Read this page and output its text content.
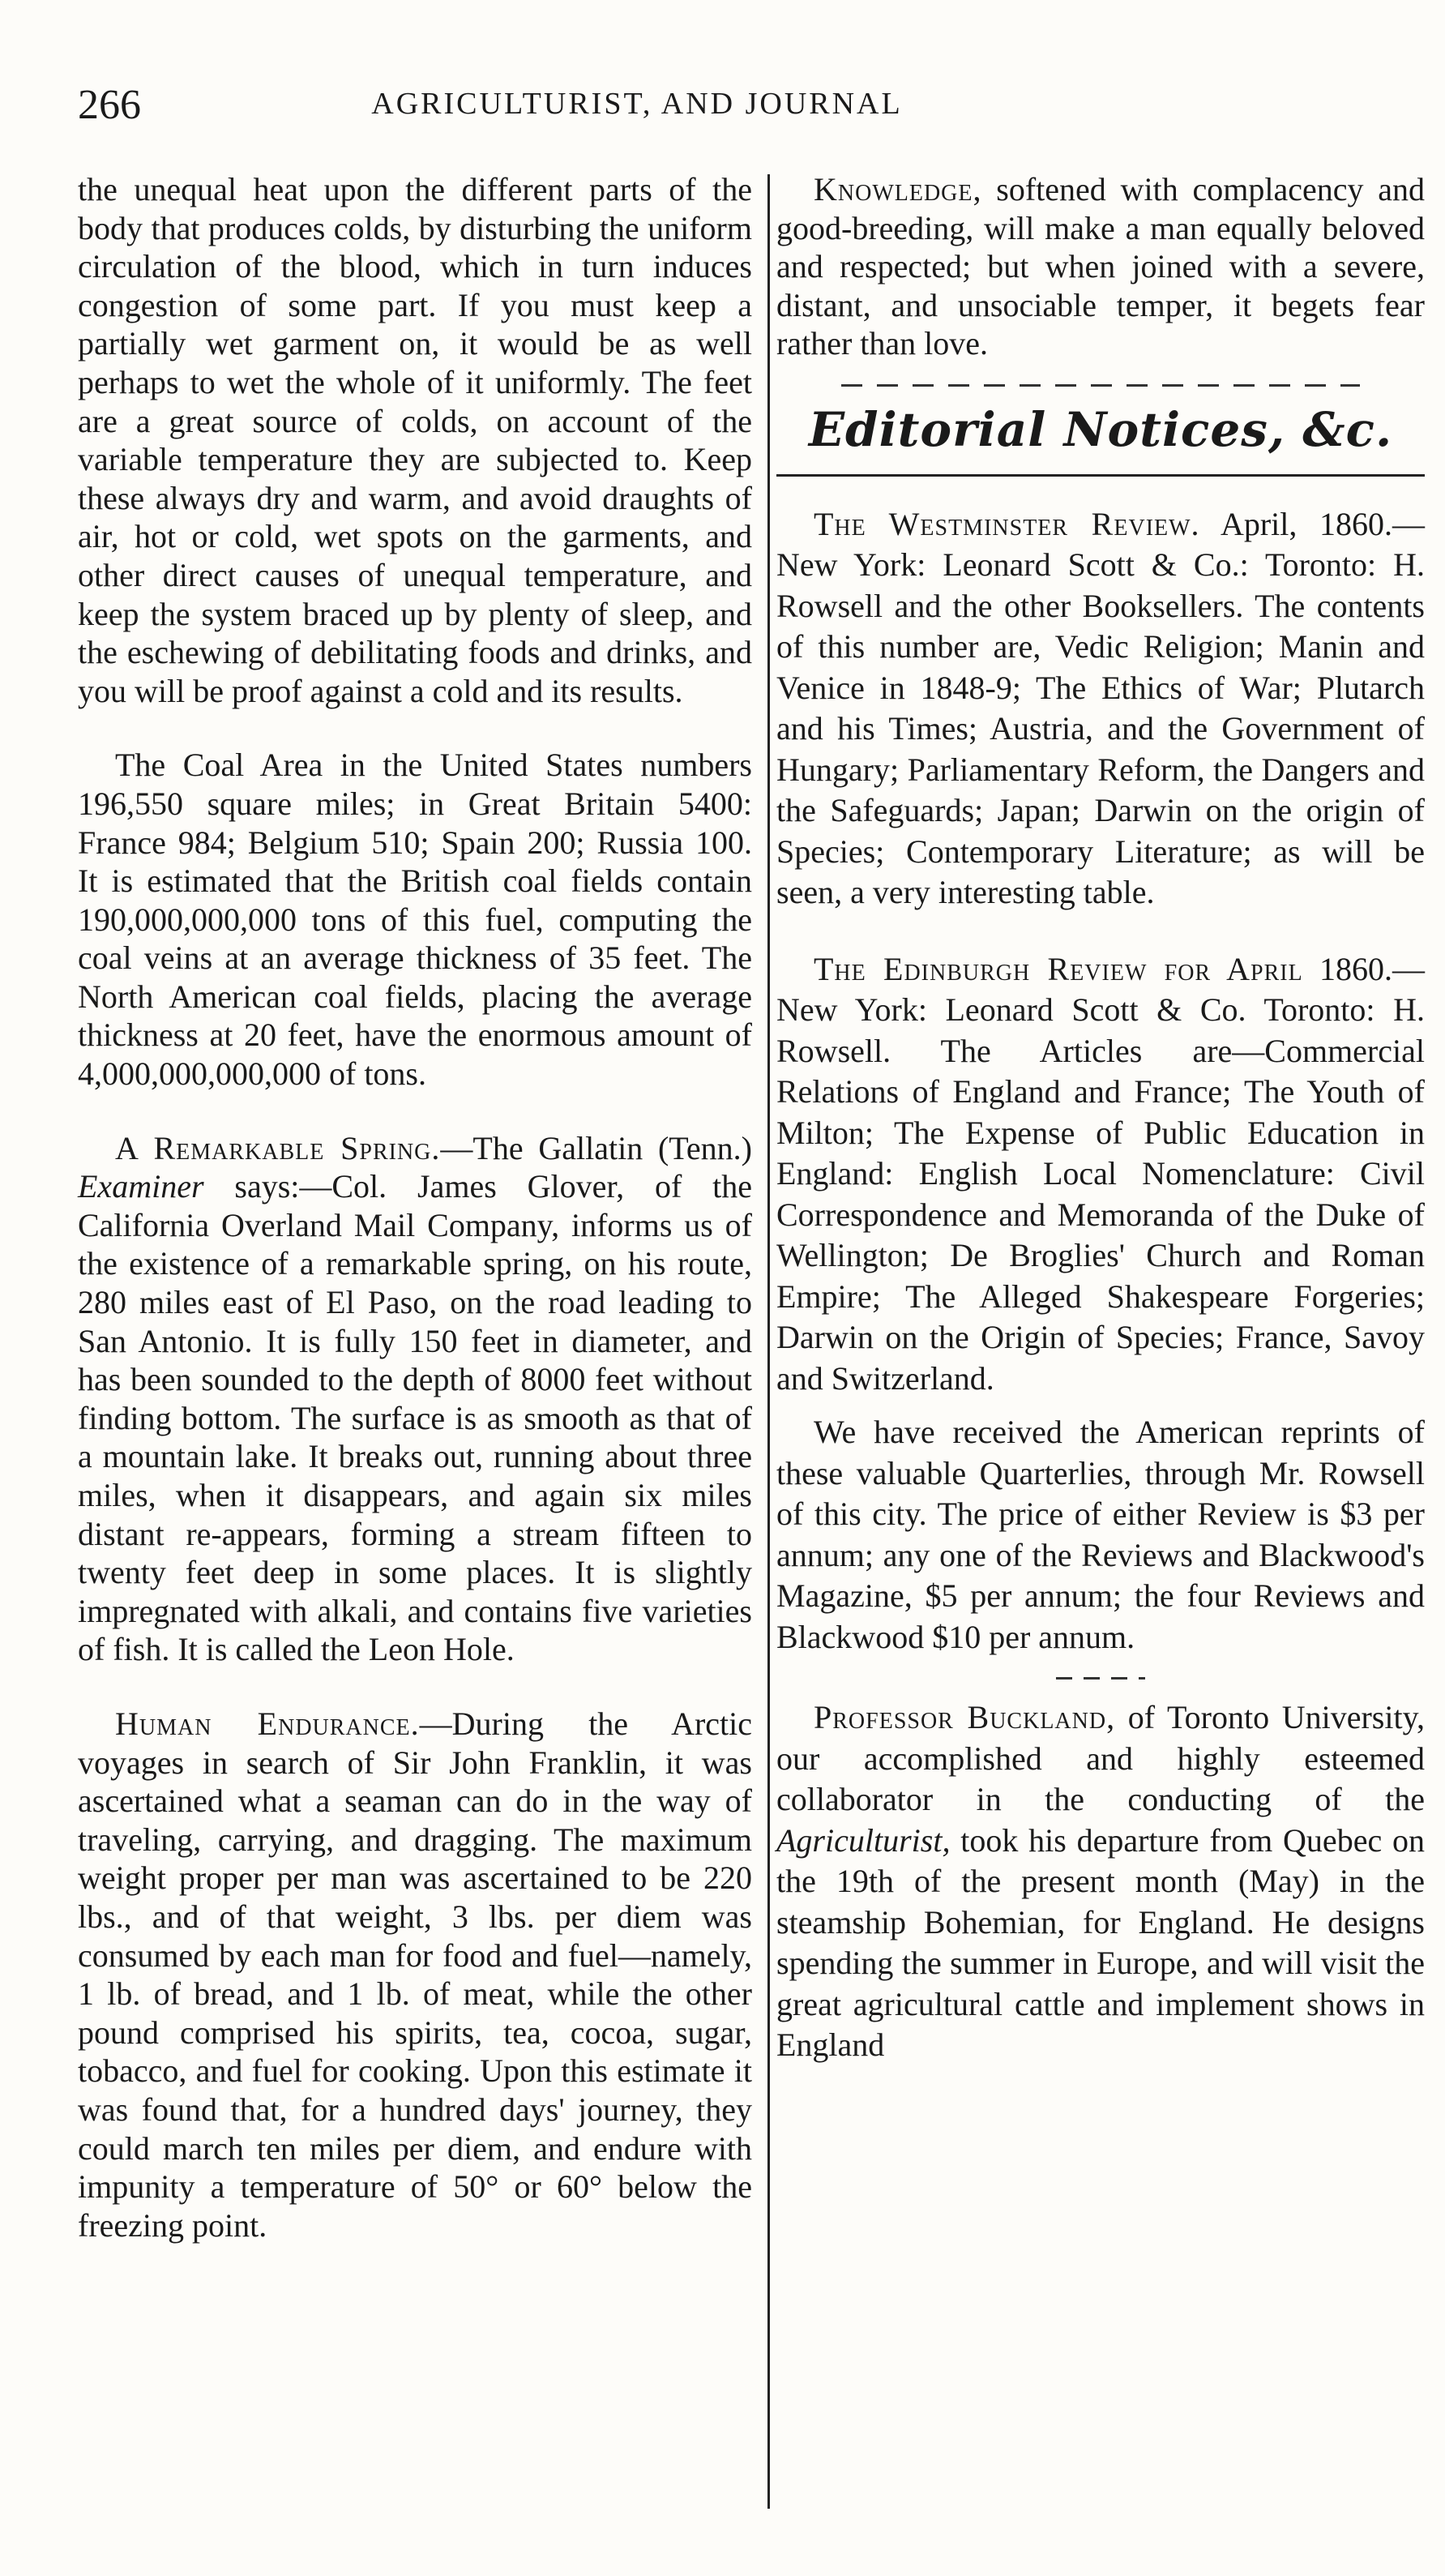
266	AGRICULTURIST, AND JOURNAL

the unequal heat upon the different parts of the body that produces colds, by disturbing the uniform circulation of the blood, which in turn induces congestion of some part. If you must keep a partially wet garment on, it would be as well perhaps to wet the whole of it uniformly. The feet are a great source of colds, on account of the variable temperature they are subjected to. Keep these always dry and warm, and avoid draughts of air, hot or cold, wet spots on the garments, and other direct causes of unequal temperature, and keep the system braced up by plenty of sleep, and the eschewing of debilitating foods and drinks, and you will be proof against a cold and its results.

The Coal Area in the United States numbers 196,550 square miles; in Great Britain 5400: France 984; Belgium 510; Spain 200; Russia 100. It is estimated that the British coal fields contain 190,000,000,000 tons of this fuel, computing the coal veins at an average thickness of 35 feet. The North American coal fields, placing the average thickness at 20 feet, have the enormous amount of 4,000,000,000,000 of tons.

A Remarkable Spring.—The Gallatin (Tenn.) Examiner says:—Col. James Glover, of the California Overland Mail Company, informs us of the existence of a remarkable spring, on his route, 280 miles east of El Paso, on the road leading to San Antonio. It is fully 150 feet in diameter, and has been sounded to the depth of 8000 feet without finding bottom. The surface is as smooth as that of a mountain lake. It breaks out, running about three miles, when it disappears, and again six miles distant re-appears, forming a stream fifteen to twenty feet deep in some places. It is slightly impregnated with alkali, and contains five varieties of fish. It is called the Leon Hole.

Human Endurance.—During the Arctic voyages in search of Sir John Franklin, it was ascertained what a seaman can do in the way of traveling, carrying, and dragging. The maximum weight proper per man was ascertained to be 220 lbs., and of that weight, 3 lbs. per diem was consumed by each man for food and fuel—namely, 1 lb. of bread, and 1 lb. of meat, while the other pound comprised his spirits, tea, cocoa, sugar, tobacco, and fuel for cooking. Upon this estimate it was found that, for a hundred days' journey, they could march ten miles per diem, and endure with impunity a temperature of 50° or 60° below the freezing point.

Knowledge, softened with complacency and good-breeding, will make a man equally beloved and respected; but when joined with a severe, distant, and unsociable temper, it begets fear rather than love.

Editorial Notices, &c.

The Westminster Review. April, 1860.—New York: Leonard Scott & Co.: Toronto: H. Rowsell and the other Booksellers. The contents of this number are, Vedic Religion; Manin and Venice in 1848-9; The Ethics of War; Plutarch and his Times; Austria, and the Government of Hungary; Parliamentary Reform, the Dangers and the Safeguards; Japan; Darwin on the origin of Species; Contemporary Literature; as will be seen, a very interesting table.

The Edinburgh Review for April 1860.—New York: Leonard Scott & Co. Toronto: H. Rowsell. The Articles are—Commercial Relations of England and France; The Youth of Milton; The Expense of Public Education in England: English Local Nomenclature: Civil Correspondence and Memoranda of the Duke of Wellington; De Broglies' Church and Roman Empire; The Alleged Shakespeare Forgeries; Darwin on the Origin of Species; France, Savoy and Switzerland.

We have received the American reprints of these valuable Quarterlies, through Mr. Rowsell of this city. The price of either Review is $3 per annum; any one of the Reviews and Blackwood's Magazine, $5 per annum; the four Reviews and Blackwood $10 per annum.

Professor Buckland, of Toronto University, our accomplished and highly esteemed collaborator in the conducting of the Agriculturist, took his departure from Quebec on the 19th of the present month (May) in the steamship Bohemian, for England. He designs spending the summer in Europe, and will visit the great agricultural cattle and implement shows in England
